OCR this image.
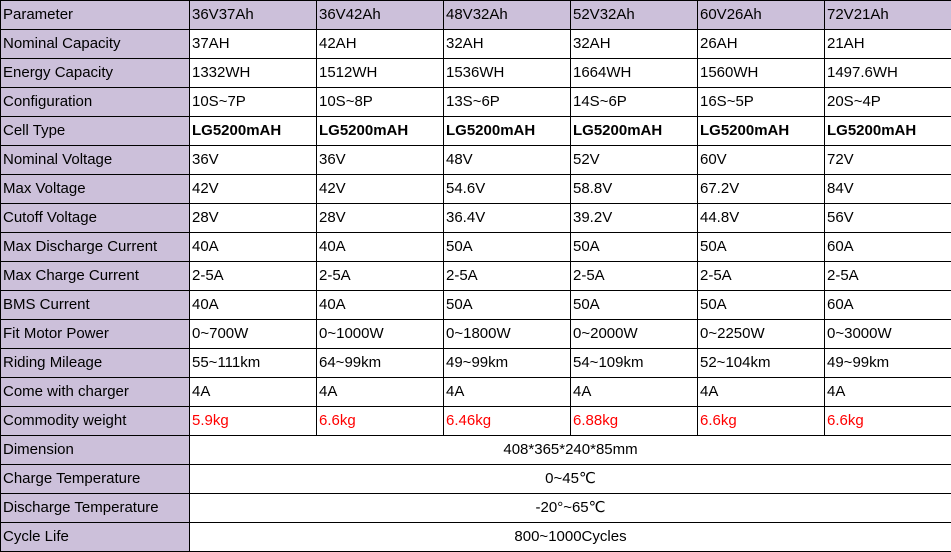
Parameter	36V37Ah	36V42Ah	48V32Ah	52V32Ah	60V26Ah	72V21Ah
Nominal Capacity	37AH	42AH	32AH	32AH	26AH	21AH
Energy Capacity	1332WH	1512WH	1536WH	1664WH	1560WH	1497.6WH
Configuration	10S~7P	10S~8P	13S~6P	14S~6P	16S~5P	20S~4P
Cell Type	LG5200mAH	LG5200mAH	LG5200mAH	LG5200mAH	LG5200mAH	LG5200mAH
Nominal Voltage	36V	36V	48V	52V	60V	72V
Max Voltage	42V	42V	54.6V	58.8V	67.2V	84V
Cutoff Voltage	28V	28V	36.4V	39.2V	44.8V	56V
Max Discharge Current	40A	40A	50A	50A	50A	60A
Max Charge Current	2-5A	2-5A	2-5A	2-5A	2-5A	2-5A
BMS Current	40A	40A	50A	50A	50A	60A
Fit Motor Power	0~700W	0~1000W	0~1800W	0~2000W	0~2250W	0~3000W
Riding Mileage	55~111km	64~99km	49~99km	54~109km	52~104km	49~99km
Come with charger	4A	4A	4A	4A	4A	4A
Commodity weight	5.9kg	6.6kg	6.46kg	6.88kg	6.6kg	6.6kg
Dimension	408*365*240*85mm					
Charge Temperature	0~45℃					
Discharge Temperature	-20°~65℃					
Cycle Life	800~1000Cycles					
